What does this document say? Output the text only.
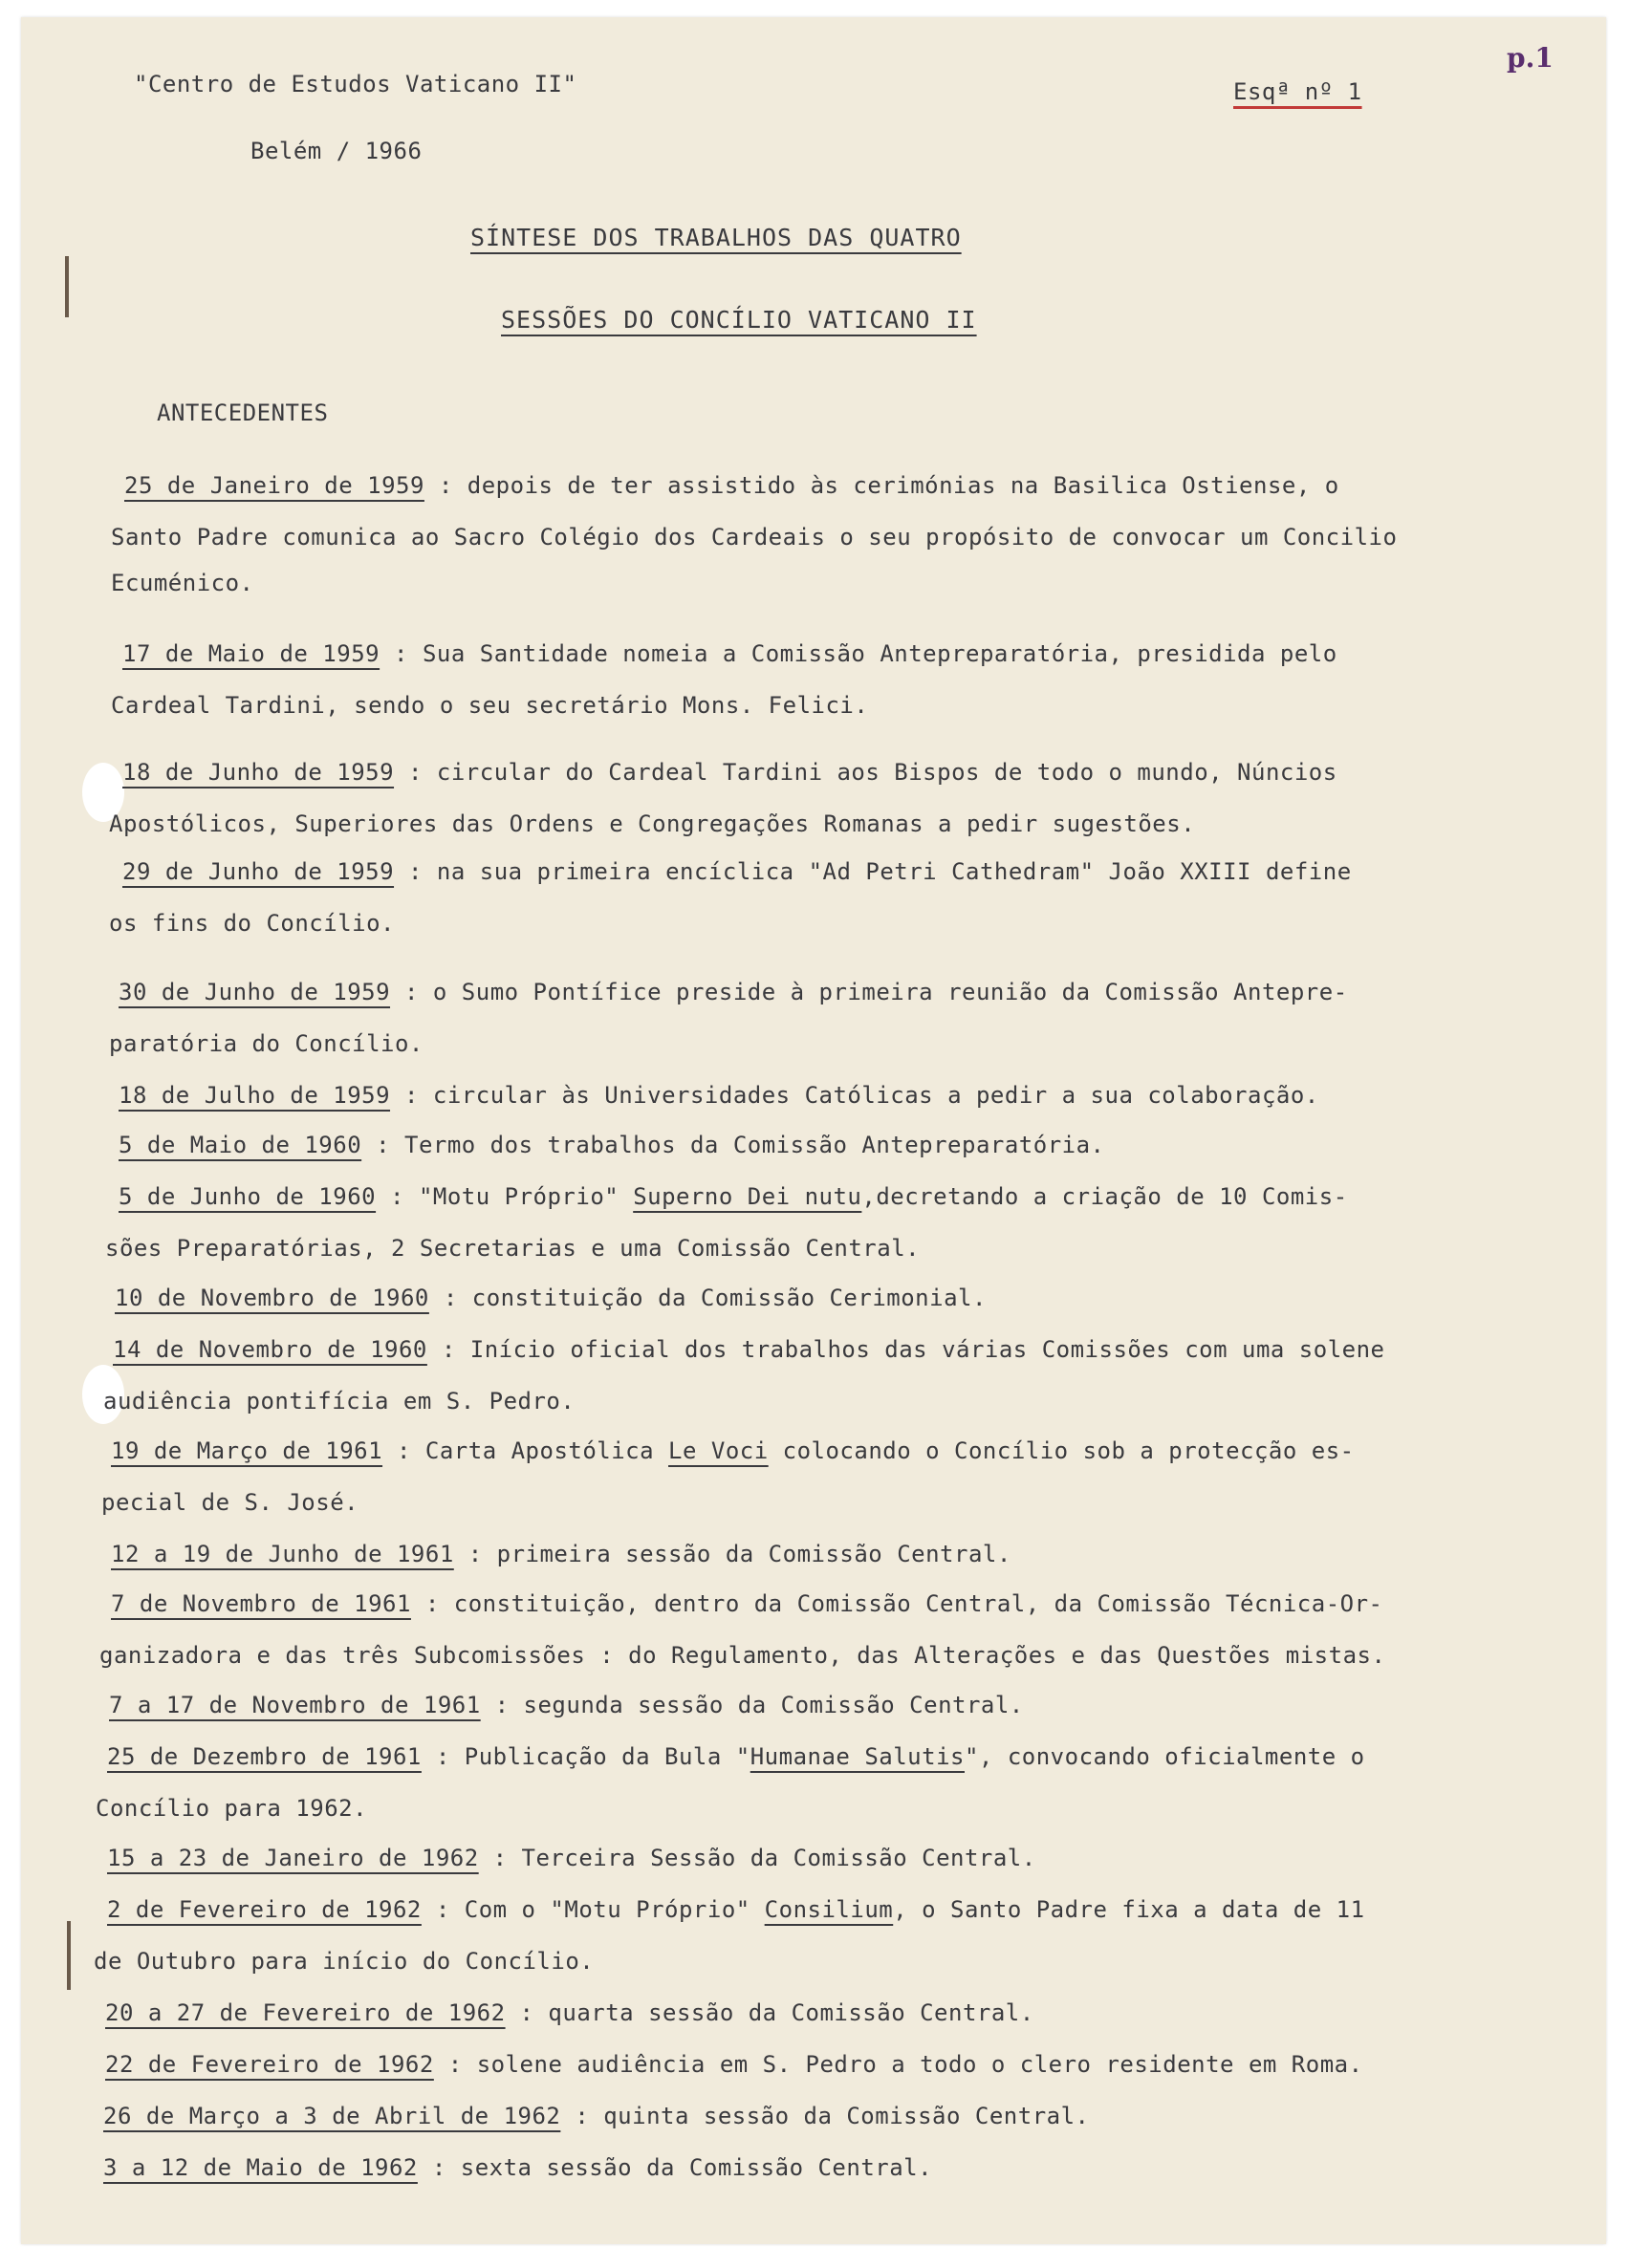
"Centro de Estudos Vaticano II"
Belém / 1966
Esqª nº 1
p.1
SÍNTESE DOS TRABALHOS DAS QUATRO
SESSÕES DO CONCÍLIO VATICANO II
ANTECEDENTES
25 de Janeiro de 1959 : depois de ter assistido às cerimónias na Basilica Ostiense, o
Santo Padre comunica ao Sacro Colégio dos Cardeais o seu propósito de convocar um Concilio
Ecuménico.
17 de Maio de 1959 : Sua Santidade nomeia a Comissão Antepreparatória, presidida pelo
Cardeal Tardini, sendo o seu secretário Mons. Felici.
18 de Junho de 1959 : circular do Cardeal Tardini aos Bispos de todo o mundo, Núncios
Apostólicos, Superiores das Ordens e Congregações Romanas a pedir sugestões.
29 de Junho de 1959 : na sua primeira encíclica "Ad Petri Cathedram" João XXIII define
os fins do Concílio.
30 de Junho de 1959 : o Sumo Pontífice preside à primeira reunião da Comissão Antepre-
paratória do Concílio.
18 de Julho de 1959 : circular às Universidades Católicas a pedir a sua colaboração.
5 de Maio de 1960 : Termo dos trabalhos da Comissão Antepreparatória.
5 de Junho de 1960 : "Motu Próprio" Superno Dei nutu,decretando a criação de 10 Comis-
sões Preparatórias, 2 Secretarias e uma Comissão Central.
10 de Novembro de 1960 : constituição da Comissão Cerimonial.
14 de Novembro de 1960 : Início oficial dos trabalhos das várias Comissões com uma solene
audiência pontifícia em S. Pedro.
19 de Março de 1961 : Carta Apostólica Le Voci colocando o Concílio sob a protecção es-
pecial de S. José.
12 a 19 de Junho de 1961 : primeira sessão da Comissão Central.
7 de Novembro de 1961 : constituição, dentro da Comissão Central, da Comissão Técnica-Or-
ganizadora e das três Subcomissões : do Regulamento, das Alterações e das Questões mistas.
7 a 17 de Novembro de 1961 : segunda sessão da Comissão Central.
25 de Dezembro de 1961 : Publicação da Bula "Humanae Salutis", convocando oficialmente o
Concílio para 1962.
15 a 23 de Janeiro de 1962 : Terceira Sessão da Comissão Central.
2 de Fevereiro de 1962 : Com o "Motu Próprio" Consilium, o Santo Padre fixa a data de 11
de Outubro para início do Concílio.
20 a 27 de Fevereiro de 1962 : quarta sessão da Comissão Central.
22 de Fevereiro de 1962 : solene audiência em S. Pedro a todo o clero residente em Roma.
26 de Março a 3 de Abril de 1962 : quinta sessão da Comissão Central.
3 a 12 de Maio de 1962 : sexta sessão da Comissão Central.
